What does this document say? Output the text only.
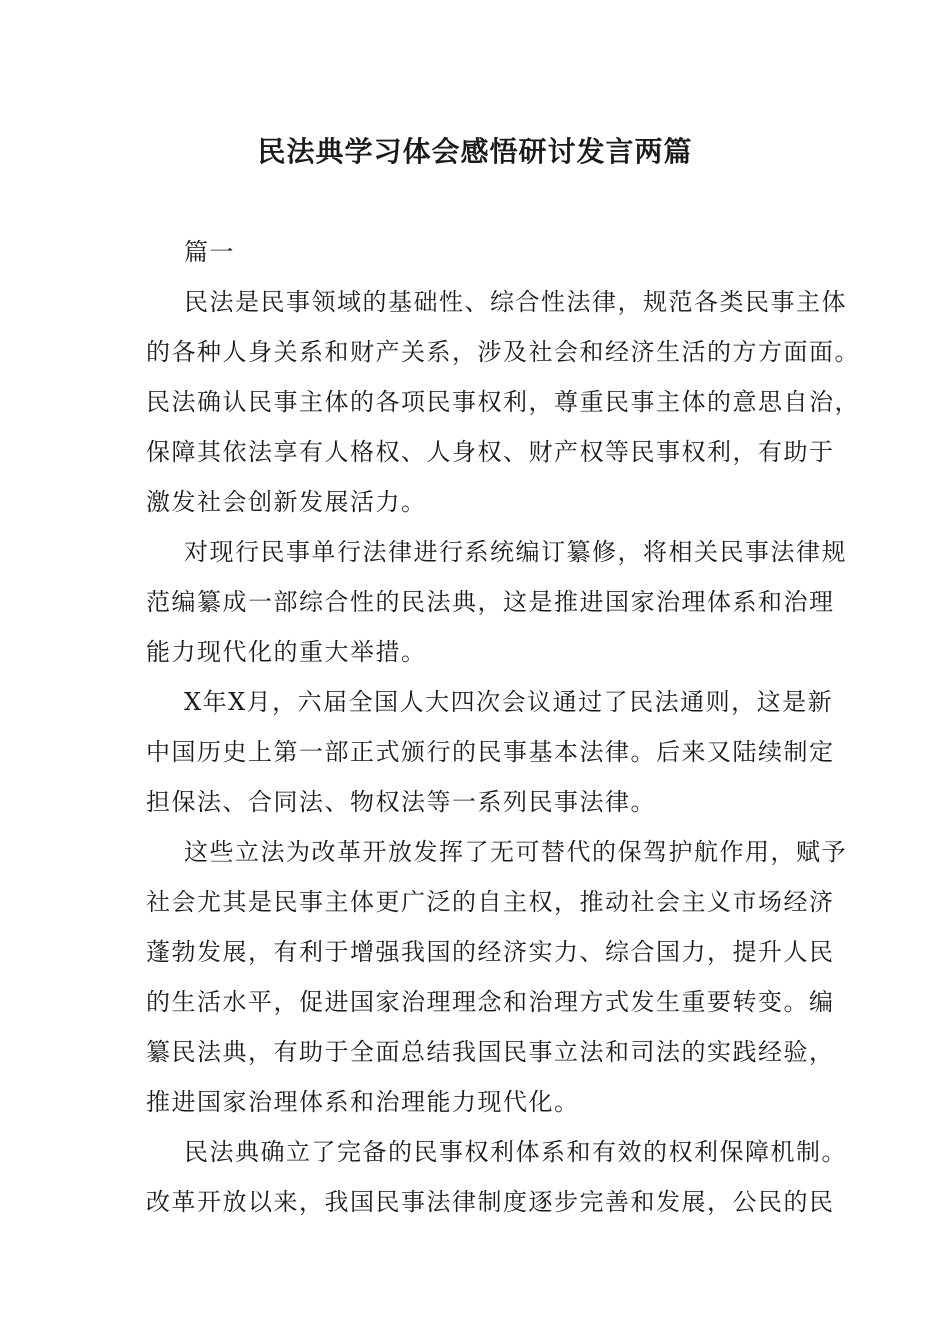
民法典学习体会感悟研讨发言两篇
篇一
民法是民事领域的基础性、综合性法律，规范各类民事主体
的各种人身关系和财产关系，涉及社会和经济生活的方方面面。
民法确认民事主体的各项民事权利，尊重民事主体的意思自治，
保障其依法享有人格权、人身权、财产权等民事权利，有助于
激发社会创新发展活力。
对现行民事单行法律进行系统编订纂修，将相关民事法律规
范编纂成一部综合性的民法典，这是推进国家治理体系和治理
能力现代化的重大举措。
X年X月，六届全国人大四次会议通过了民法通则，这是新
中国历史上第一部正式颁行的民事基本法律。后来又陆续制定
担保法、合同法、物权法等一系列民事法律。
这些立法为改革开放发挥了无可替代的保驾护航作用，赋予
社会尤其是民事主体更广泛的自主权，推动社会主义市场经济
蓬勃发展，有利于增强我国的经济实力、综合国力，提升人民
的生活水平，促进国家治理理念和治理方式发生重要转变。编
纂民法典，有助于全面总结我国民事立法和司法的实践经验，
推进国家治理体系和治理能力现代化。
民法典确立了完备的民事权利体系和有效的权利保障机制。
改革开放以来，我国民事法律制度逐步完善和发展，公民的民
